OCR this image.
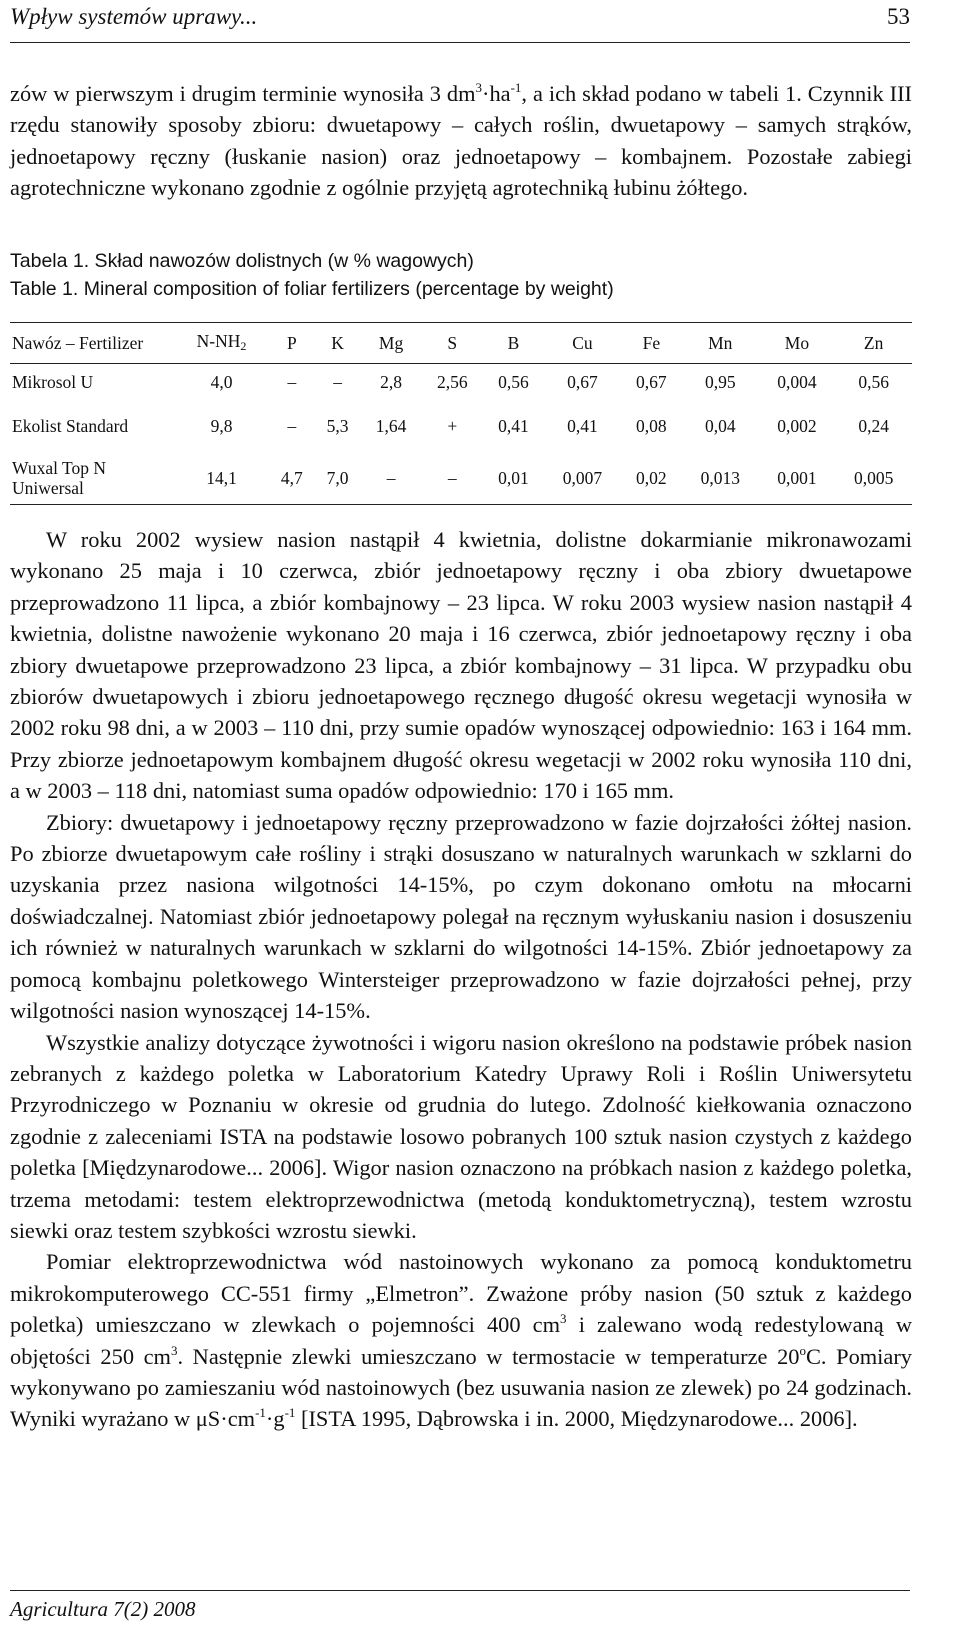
Wpływ systemów uprawy...	53

zów w pierwszym i drugim terminie wynosiła 3 $dm^3\cdot ha^{-1}$, a ich skład podano w tabeli 1. Czynnik III rzędu stanowiły sposoby zbioru: dwuetapowy – całych roślin, dwuetapowy – samych strąków, jednoetapowy ręczny (łuskanie nasion) oraz jednoetapowy – kombajnem. Pozostałe zabiegi agrotechniczne wykonano zgodnie z ogólnie przyjętą agrotechniką łubinu żółtego.

Tabela 1. Skład nawozów dolistnych (w % wagowych)
Table 1. Mineral composition of foliar fertilizers (percentage by weight)
Nawóz – Fertilizer	$N-NH_2$	P	K	Mg	S	B	Cu	Fe	Mn	Mo	Zn
Mikrosol U	4,0	–	–	2,8	2,56	0,56	0,67	0,67	0,95	0,004	0,56
Ekolist Standard	9,8	–	5,3	1,64	+	0,41	0,41	0,08	0,04	0,002	0,24
Wuxal Top N Uniwersal	14,1	4,7	7,0	–	–	0,01	0,007	0,02	0,013	0,001	0,005

W roku 2002 wysiew nasion nastąpił 4 kwietnia, dolistne dokarmianie mikronawozami wykonano 25 maja i 10 czerwca, zbiór jednoetapowy ręczny i oba zbiory dwuetapowe przeprowadzono 11 lipca, a zbiór kombajnowy – 23 lipca. W roku 2003 wysiew nasion nastąpił 4 kwietnia, dolistne nawożenie wykonano 20 maja i 16 czerwca, zbiór jednoetapowy ręczny i oba zbiory dwuetapowe przeprowadzono 23 lipca, a zbiór kombajnowy – 31 lipca. W przypadku obu zbiorów dwuetapowych i zbioru jednoetapowego ręcznego długość okresu wegetacji wynosiła w 2002 roku 98 dni, a w 2003 – 110 dni, przy sumie opadów wynoszącej odpowiednio: 163 i 164 mm. Przy zbiorze jednoetapowym kombajnem długość okresu wegetacji w 2002 roku wynosiła 110 dni, a w 2003 – 118 dni, natomiast suma opadów odpowiednio: 170 i 165 mm.

Zbiory: dwuetapowy i jednoetapowy ręczny przeprowadzono w fazie dojrzałości żółtej nasion. Po zbiorze dwuetapowym całe rośliny i strąki dosuszano w naturalnych warunkach w szklarni do uzyskania przez nasiona wilgotności 14-15%, po czym dokonano omłotu na młocarni doświadczalnej. Natomiast zbiór jednoetapowy polegał na ręcznym wyłuskaniu nasion i dosuszeniu ich również w naturalnych warunkach w szklarni do wilgotności 14-15%. Zbiór jednoetapowy za pomocą kombajnu poletkowego Wintersteiger przeprowadzono w fazie dojrzałości pełnej, przy wilgotności nasion wynoszącej 14-15%.

Wszystkie analizy dotyczące żywotności i wigoru nasion określono na podstawie próbek nasion zebranych z każdego poletka w Laboratorium Katedry Uprawy Roli i Roślin Uniwersytetu Przyrodniczego w Poznaniu w okresie od grudnia do lutego. Zdolność kiełkowania oznaczono zgodnie z zaleceniami ISTA na podstawie losowo pobranych 100 sztuk nasion czystych z każdego poletka [Międzynarodowe... 2006]. Wigor nasion oznaczono na próbkach nasion z każdego poletka, trzema metodami: testem elektroprzewodnictwa (metodą konduktometryczną), testem wzrostu siewki oraz testem szybkości wzrostu siewki.

Pomiar elektroprzewodnictwa wód nastoinowych wykonano za pomocą konduktometru mikrokomputerowego CC-551 firmy „Elmetron”. Zważone próby nasion (50 sztuk z każdego poletka) umieszczano w zlewkach o pojemności 400 $cm^3$ i zalewano wodą redestylowaną w objętości 250 $cm^3$. Następnie zlewki umieszczano w termostacie w temperaturze 20$^o$C. Pomiary wykonywano po zamieszaniu wód nastoinowych (bez usuwania nasion ze zlewek) po 24 godzinach. Wyniki wyrażano w $\mu S\cdot cm^{-1}\cdot g^{-1}$ [ISTA 1995, Dąbrowska i in. 2000, Międzynarodowe... 2006].

Agricultura 7(2) 2008
